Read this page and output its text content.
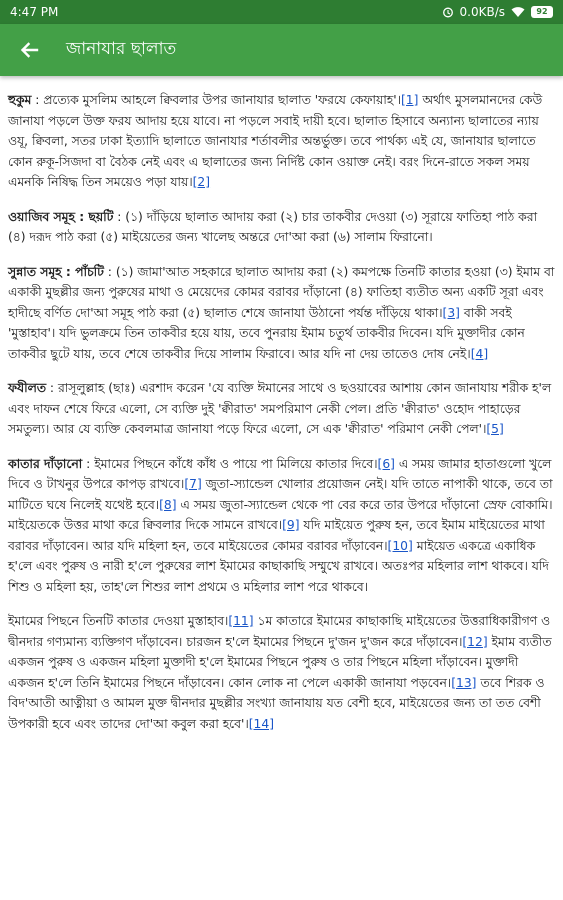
4:47 PM	0.0KB/s	92
জানাযার ছালাত

হুকুম : প্রত্যেক মুসলিম আহলে ক্বিবলার উপর জানাযার ছালাত 'ফরযে কেফায়াহ'।[1] অর্থাৎ মুসলমানদের কেউ জানাযা পড়লে উক্ত ফরয আদায় হয়ে যাবে। না পড়লে সবাই দায়ী হবে। ছালাত হিসাবে অন্যান্য ছালাতের ন্যায় ওযূ, ক্বিবলা, সতর ঢাকা ইত্যাদি ছালাতে জানাযার শর্তাবলীর অন্তর্ভুক্ত। তবে পার্থক্য এই যে, জানাযার ছালাতে কোন রুকূ-সিজদা বা বৈঠক নেই এবং এ ছালাতের জন্য নির্দিষ্ট কোন ওয়াক্ত নেই। বরং দিনে-রাতে সকল সময় এমনকি নিষিদ্ধ তিন সময়েও পড়া যায়।[2]

ওয়াজিব সমূহ : ছয়টি : (১) দাঁড়িয়ে ছালাত আদায় করা (২) চার তাকবীর দেওয়া (৩) সূরায়ে ফাতিহা পাঠ করা (৪) দরূদ পাঠ করা (৫) মাইয়েতের জন্য খালেছ অন্তরে দো'আ করা (৬) সালাম ফিরানো।

সুন্নাত সমূহ : পাঁচটি : (১) জামা'আত সহকারে ছালাত আদায় করা (২) কমপক্ষে তিনটি কাতার হওয়া (৩) ইমাম বা একাকী মুছল্লীর জন্য পুরুষের মাথা ও মেয়েদের কোমর বরাবর দাঁড়ানো (৪) ফাতিহা ব্যতীত অন্য একটি সূরা এবং হাদীছে বর্ণিত দো'আ সমূহ পাঠ করা (৫) ছালাত শেষে জানাযা উঠানো পর্যন্ত দাঁড়িয়ে থাকা।[3] বাকী সবই 'মুস্তাহাব'। যদি ভুলক্রমে তিন তাকবীর হয়ে যায়, তবে পুনরায় ইমাম চতুর্থ তাকবীর দিবেন। যদি মুক্তাদীর কোন তাকবীর ছুটে যায়, তবে শেষে তাকবীর দিয়ে সালাম ফিরাবে। আর যদি না দেয় তাতেও দোষ নেই।[4]

ফযীলত : রাসূলুল্লাহ (ছাঃ) এরশাদ করেন 'যে ব্যক্তি ঈমানের সাথে ও ছওয়াবের আশায় কোন জানাযায় শরীক হ'ল এবং দাফন শেষে ফিরে এলো, সে ব্যক্তি দুই 'ক্বীরাত' সমপরিমাণ নেকী পেল। প্রতি 'ক্বীরাত' ওহোদ পাহাড়ের সমতুল্য। আর যে ব্যক্তি কেবলমাত্র জানাযা পড়ে ফিরে এলো, সে এক 'ক্বীরাত' পরিমাণ নেকী পেল'।[5]

কাতার দাঁড়ানো : ইমামের পিছনে কাঁধে কাঁধ ও পায়ে পা মিলিয়ে কাতার দিবে।[6] এ সময় জামার হাতাগুলো খুলে দিবে ও টাখনুর উপরে কাপড় রাখবে।[7] জুতা-স্যান্ডেল খোলার প্রয়োজন নেই। যদি তাতে নাপাকী থাকে, তবে তা মাটিতে ঘষে নিলেই যথেষ্ট হবে।[8] এ সময় জুতা-স্যান্ডেল থেকে পা বের করে তার উপরে দাঁড়ানো স্রেফ বোকামি। মাইয়েতকে উত্তর মাথা করে ক্বিবলার দিকে সামনে রাখবে।[9] যদি মাইয়েত পুরুষ হন, তবে ইমাম মাইয়েতের মাথা বরাবর দাঁড়াবেন। আর যদি মহিলা হন, তবে মাইয়েতের কোমর বরাবর দাঁড়াবেন।[10] মাইয়েত একত্রে একাধিক হ'লে এবং পুরুষ ও নারী হ'লে পুরুষের লাশ ইমামের কাছাকাছি সম্মুখে রাখবে। অতঃপর মহিলার লাশ থাকবে। যদি শিশু ও মহিলা হয়, তাহ'লে শিশুর লাশ প্রথমে ও মহিলার লাশ পরে থাকবে।

ইমামের পিছনে তিনটি কাতার দেওয়া মুস্তাহাব।[11] ১ম কাতারে ইমামের কাছাকাছি মাইয়েতের উত্তরাধিকারীগণ ও দ্বীনদার গণ্যমান্য ব্যক্তিগণ দাঁড়াবেন। চারজন হ'লে ইমামের পিছনে দু'জন দু'জন করে দাঁড়াবেন।[12] ইমাম ব্যতীত একজন পুরুষ ও একজন মহিলা মুক্তাদী হ'লে ইমামের পিছনে পুরুষ ও তার পিছনে মহিলা দাঁড়াবেন। মুক্তাদী একজন হ'লে তিনি ইমামের পিছনে দাঁড়াবেন। কোন লোক না পেলে একাকী জানাযা পড়বেন।[13] তবে শিরক ও বিদ'আতী আত্নীয়া ও আমল মুক্ত দ্বীনদার মুছল্লীর সংখ্যা জানাযায় যত বেশী হবে, মাইয়েতের জন্য তা তত বেশী উপকারী হবে এবং তাদের দো'আ কবুল করা হবে'।[14]
